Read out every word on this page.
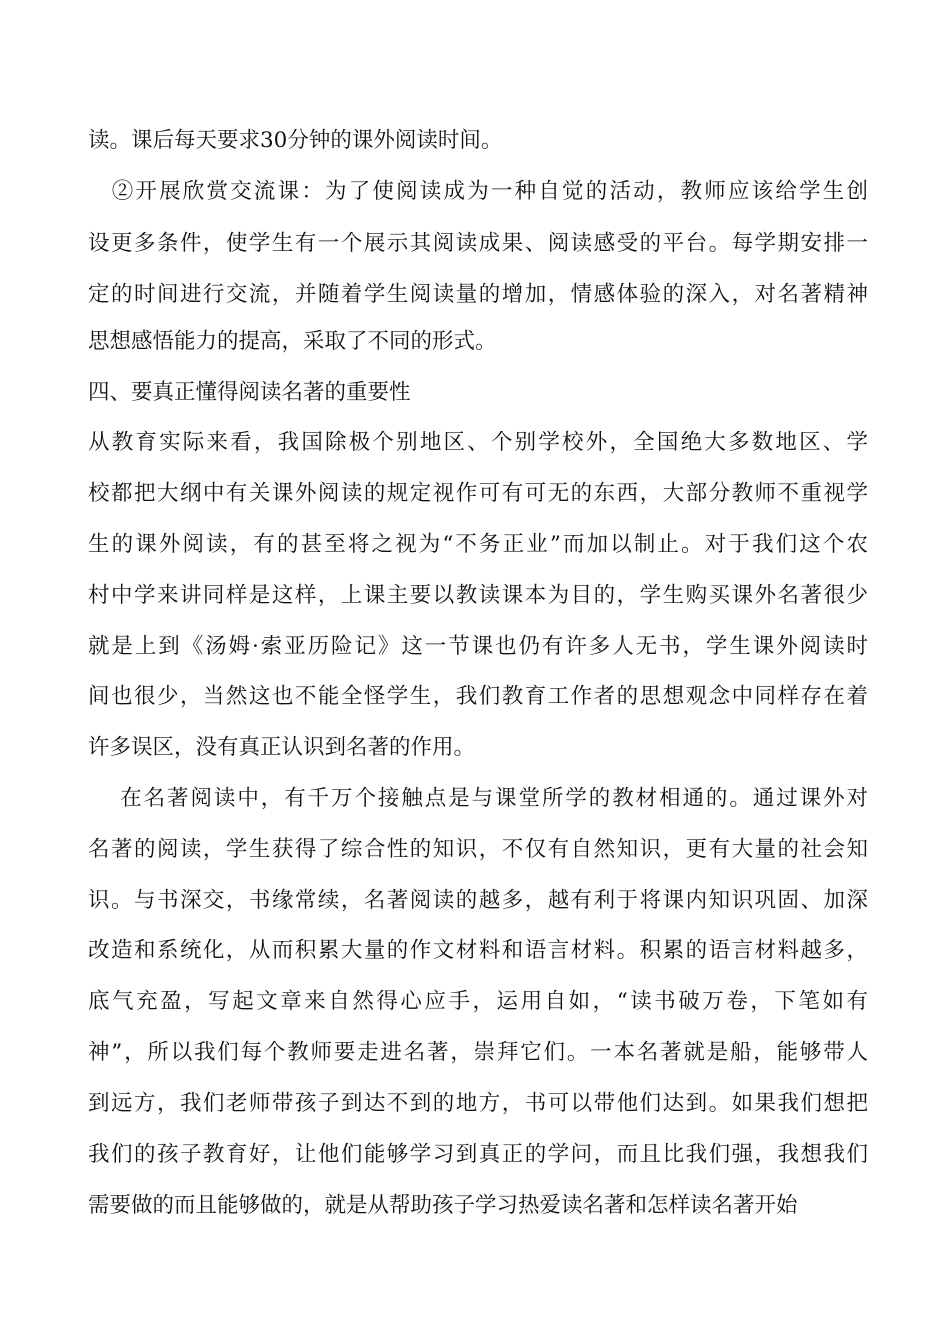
读。课后每天要求30分钟的课外阅读时间。

　②开展欣赏交流课：为了使阅读成为一种自觉的活动，教师应该给学生创

设更多条件，使学生有一个展示其阅读成果、阅读感受的平台。每学期安排一

定的时间进行交流，并随着学生阅读量的增加，情感体验的深入，对名著精神

思想感悟能力的提高，采取了不同的形式。

四、要真正懂得阅读名著的重要性

从教育实际来看，我国除极个别地区、个别学校外，全国绝大多数地区、学

校都把大纲中有关课外阅读的规定视作可有可无的东西，大部分教师不重视学

生的课外阅读，有的甚至将之视为“不务正业”而加以制止。对于我们这个农

村中学来讲同样是这样，上课主要以教读课本为目的，学生购买课外名著很少

就是上到《汤姆·索亚历险记》这一节课也仍有许多人无书，学生课外阅读时

间也很少，当然这也不能全怪学生，我们教育工作者的思想观念中同样存在着

许多误区，没有真正认识到名著的作用。

　 在名著阅读中，有千万个接触点是与课堂所学的教材相通的。通过课外对

名著的阅读，学生获得了综合性的知识，不仅有自然知识，更有大量的社会知

识。与书深交，书缘常续，名著阅读的越多，越有利于将课内知识巩固、加深

改造和系统化，从而积累大量的作文材料和语言材料。积累的语言材料越多，

底气充盈，写起文章来自然得心应手，运用自如，“读书破万卷，下笔如有

神”，所以我们每个教师要走进名著，崇拜它们。一本名著就是船，能够带人

到远方，我们老师带孩子到达不到的地方，书可以带他们达到。如果我们想把

我们的孩子教育好，让他们能够学习到真正的学问，而且比我们强，我想我们

需要做的而且能够做的，就是从帮助孩子学习热爱读名著和怎样读名著开始
